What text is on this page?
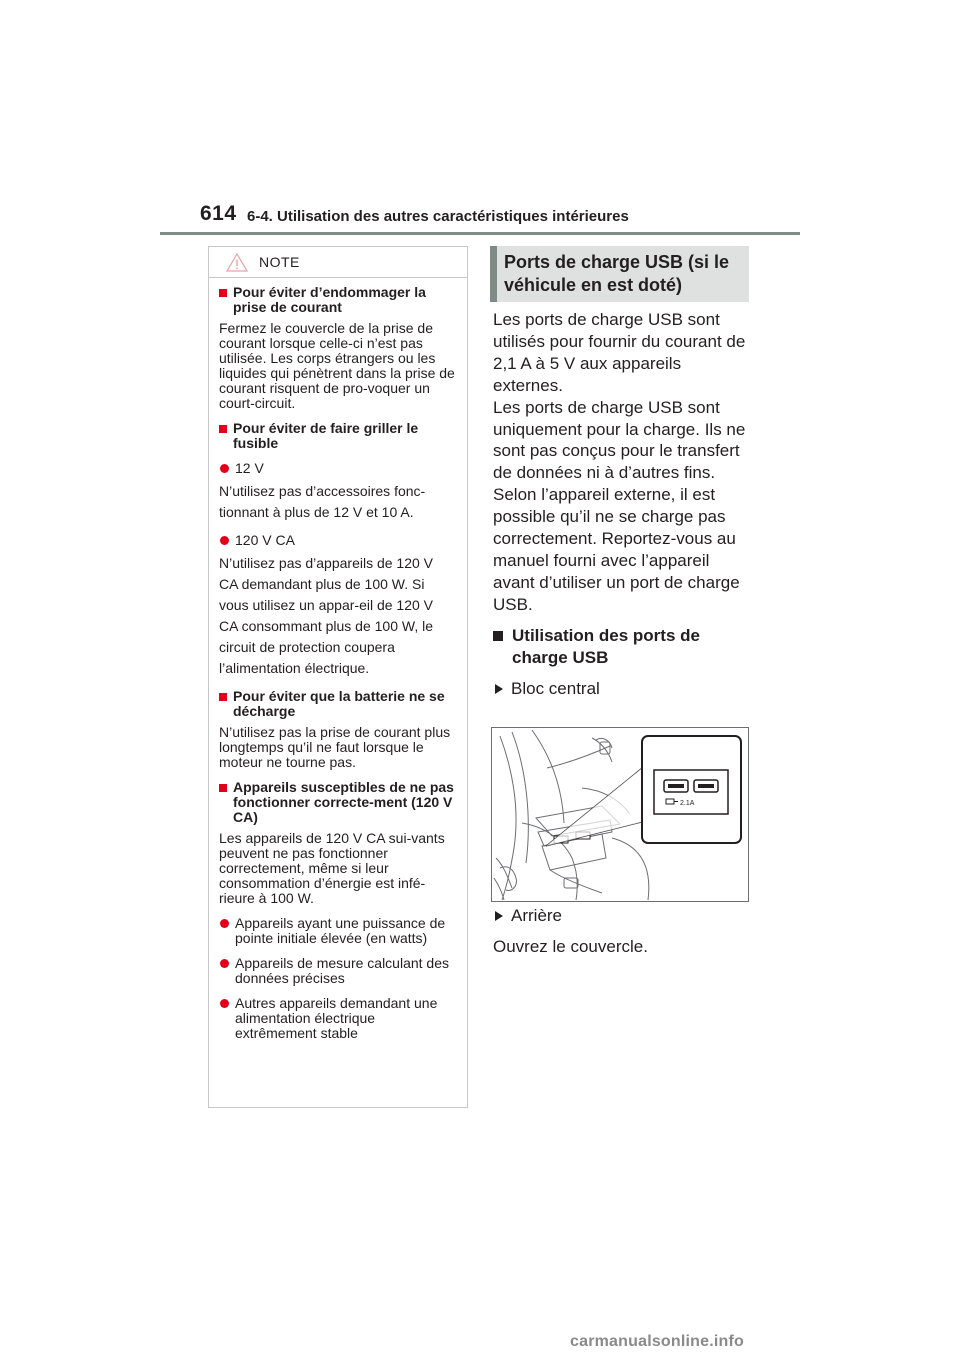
614 6-4. Utilisation des autres caractéristiques intérieures
NOTE
Pour éviter d’endommager la prise de courant
Fermez le couvercle de la prise de courant lorsque celle-ci n’est pas utilisée. Les corps étrangers ou les liquides qui pénètrent dans la prise de courant risquent de pro-voquer un court-circuit.
Pour éviter de faire griller le fusible
12 V
N’utilisez pas d’accessoires fonc-tionnant à plus de 12 V et 10 A.
120 V CA
N’utilisez pas d’appareils de 120 V CA demandant plus de 100 W. Si vous utilisez un appar-eil de 120 V CA consommant plus de 100 W, le circuit de protection coupera l’alimentation électrique.
Pour éviter que la batterie ne se décharge
N’utilisez pas la prise de courant plus longtemps qu’il ne faut lorsque le moteur ne tourne pas.
Appareils susceptibles de ne pas fonctionner correcte-ment (120 V CA)
Les appareils de 120 V CA sui-vants peuvent ne pas fonctionner correctement, même si leur consommation d’énergie est infé-rieure à 100 W.
Appareils ayant une puissance de pointe initiale élevée (en watts)
Appareils de mesure calculant des données précises
Autres appareils demandant une alimentation électrique extrêmement stable
Ports de charge USB (si le véhicule en est doté)

Les ports de charge USB sont utilisés pour fournir du courant de 2,1 A à 5 V aux appareils externes.

Les ports de charge USB sont uniquement pour la charge. Ils ne sont pas conçus pour le transfert de données ni à d’autres fins.

Selon l’appareil externe, il est possible qu’il ne se charge pas correctement. Reportez-vous au manuel fourni avec l’appareil avant d’utiliser un port de charge USB.

Utilisation des ports de charge USB
Bloc central
2.1A
Arrière
Ouvrez le couvercle.
carmanualsonline.info
